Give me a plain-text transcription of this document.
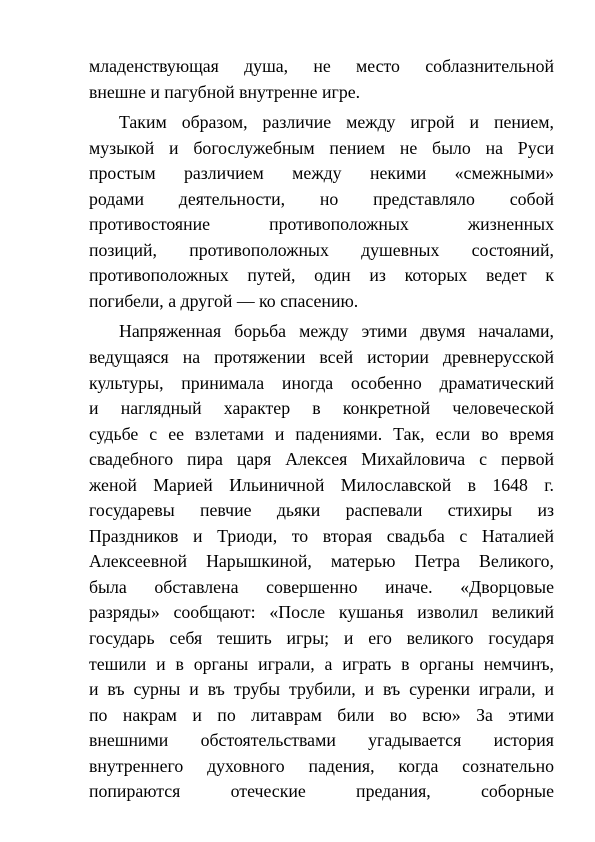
младенствующая душа, не место соблазнительной
внешне и пагубной внутренне игре.
Таким образом, различие между игрой и пением,
музыкой и богослужебным пением не было на Руси
простым различием между некими «смежными»
родами деятельности, но представляло собой
противостояние противоположных жизненных
позиций, противоположных душевных состояний,
противоположных путей, один из которых ведет к
погибели, а другой — ко спасению.
Напряженная борьба между этими двумя началами,
ведущаяся на протяжении всей истории древнерусской
культуры, принимала иногда особенно драматический
и наглядный характер в конкретной человеческой
судьбе с ее взлетами и падениями. Так, если во время
свадебного пира царя Алексея Михайловича с первой
женой Марией Ильиничной Милославской в 1648 г.
государевы певчие дьяки распевали стихиры из
Праздников и Триоди, то вторая свадьба с Наталией
Алексеевной Нарышкиной, матерью Петра Великого,
была обставлена совершенно иначе. «Дворцовые
разряды» сообщают: «После кушанья изволил великий
государь себя тешить игры; и его великого государя
тешили и в органы играли, а играть в органы немчинъ,
и въ сурны и въ трубы трубили, и въ суренки играли, и
по накрам и по литаврам били во всю» За этими
внешними обстоятельствами угадывается история
внутреннего духовного падения, когда сознательно
попираются отеческие предания, соборные
